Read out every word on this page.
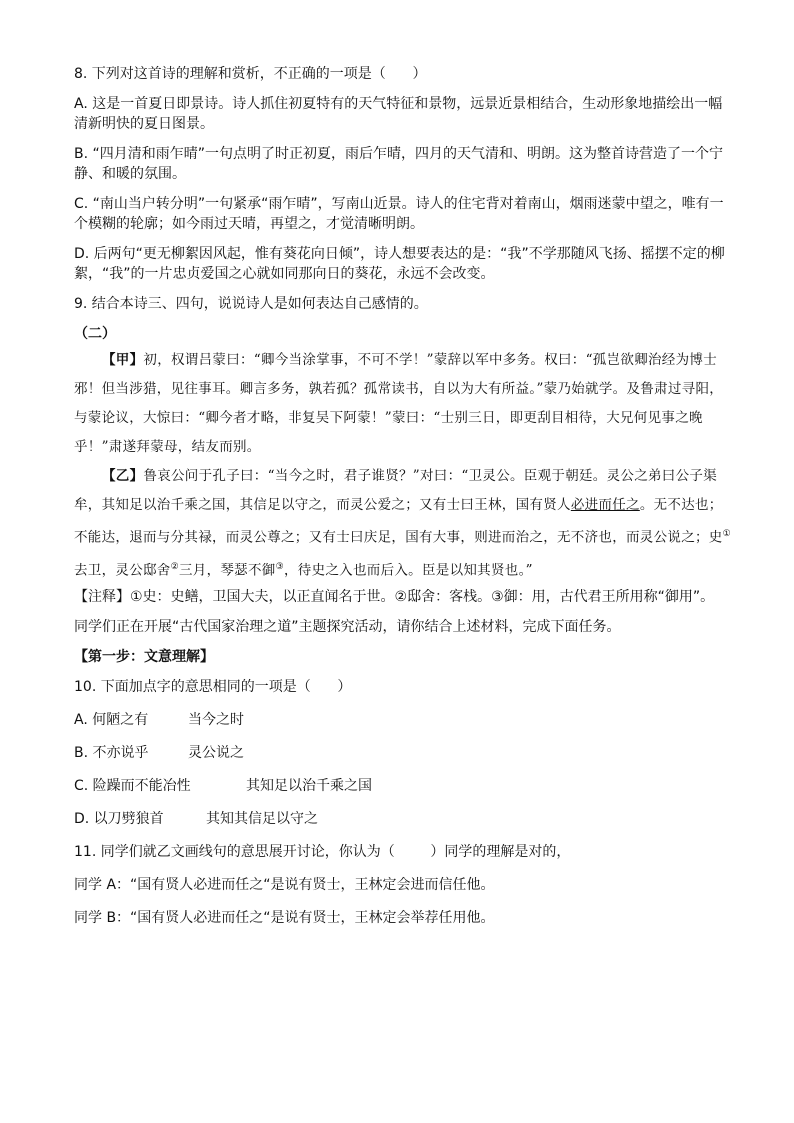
8. 下列对这首诗的理解和赏析，不正确的一项是（      ）

A. 这是一首夏日即景诗。诗人抓住初夏特有的天气特征和景物，远景近景相结合，生动形象地描绘出一幅清新明快的夏日图景。

B. “四月清和雨乍晴”一句点明了时正初夏，雨后乍晴，四月的天气清和、明朗。这为整首诗营造了一个宁静、和暖的氛围。

C. “南山当户转分明”一句紧承“雨乍晴”，写南山近景。诗人的住宅背对着南山，烟雨迷蒙中望之，唯有一个模糊的轮廓；如今雨过天晴，再望之，才觉清晰明朗。

D. 后两句“更无柳絮因风起，惟有葵花向日倾”，诗人想要表达的是：“我”不学那随风飞扬、摇摆不定的柳絮，“我”的一片忠贞爱国之心就如同那向日的葵花，永远不会改变。

9. 结合本诗三、四句，说说诗人是如何表达自己感情的。

（二）

【甲】初，权谓吕蒙曰：“卿今当涂掌事，不可不学！”蒙辞以军中多务。权曰：“孤岂欲卿治经为博士邪！但当涉猎，见往事耳。卿言多务，孰若孤？孤常读书，自以为大有所益。”蒙乃始就学。及鲁肃过寻阳，与蒙论议，大惊曰：“卿今者才略，非复吴下阿蒙！”蒙曰：“士别三日，即更刮目相待，大兄何见事之晚乎！”肃遂拜蒙母，结友而别。

【乙】鲁哀公问于孔子曰：“当今之时，君子谁贤？”对曰：“卫灵公。臣观于朝廷。灵公之弟曰公子渠牟，其知足以治千乘之国，其信足以守之，而灵公爱之；又有士曰王林，国有贤人必进而任之。无不达也；不能达，退而与分其禄，而灵公尊之；又有士曰庆足，国有大事，则进而治之，无不济也，而灵公说之；史①去卫，灵公邸舍②三月，琴瑟不御③，待史之入也而后入。臣是以知其贤也。”

【注释】①史：史鳝，卫国大夫，以正直闻名于世。②邸舍：客栈。③御：用，古代君王所用称“御用”。

同学们正在开展“古代国家治理之道”主题探究活动，请你结合上述材料，完成下面任务。

【第一步：文意理解】

10. 下面加点字的意思相同的一项是（      ）

A. 何陋之有	当今之时
B. 不亦说乎	灵公说之
C. 险躁而不能冶性	其知足以治千乘之国
D. 以刀劈狼首	其知其信足以守之

11. 同学们就乙文画线句的意思展开讨论，你认为（        ）同学的理解是对的，

同学 A：“国有贤人必进而任之“是说有贤士，王林定会进而信任他。

同学 B：“国有贤人必进而任之“是说有贤士，王林定会举荐任用他。
